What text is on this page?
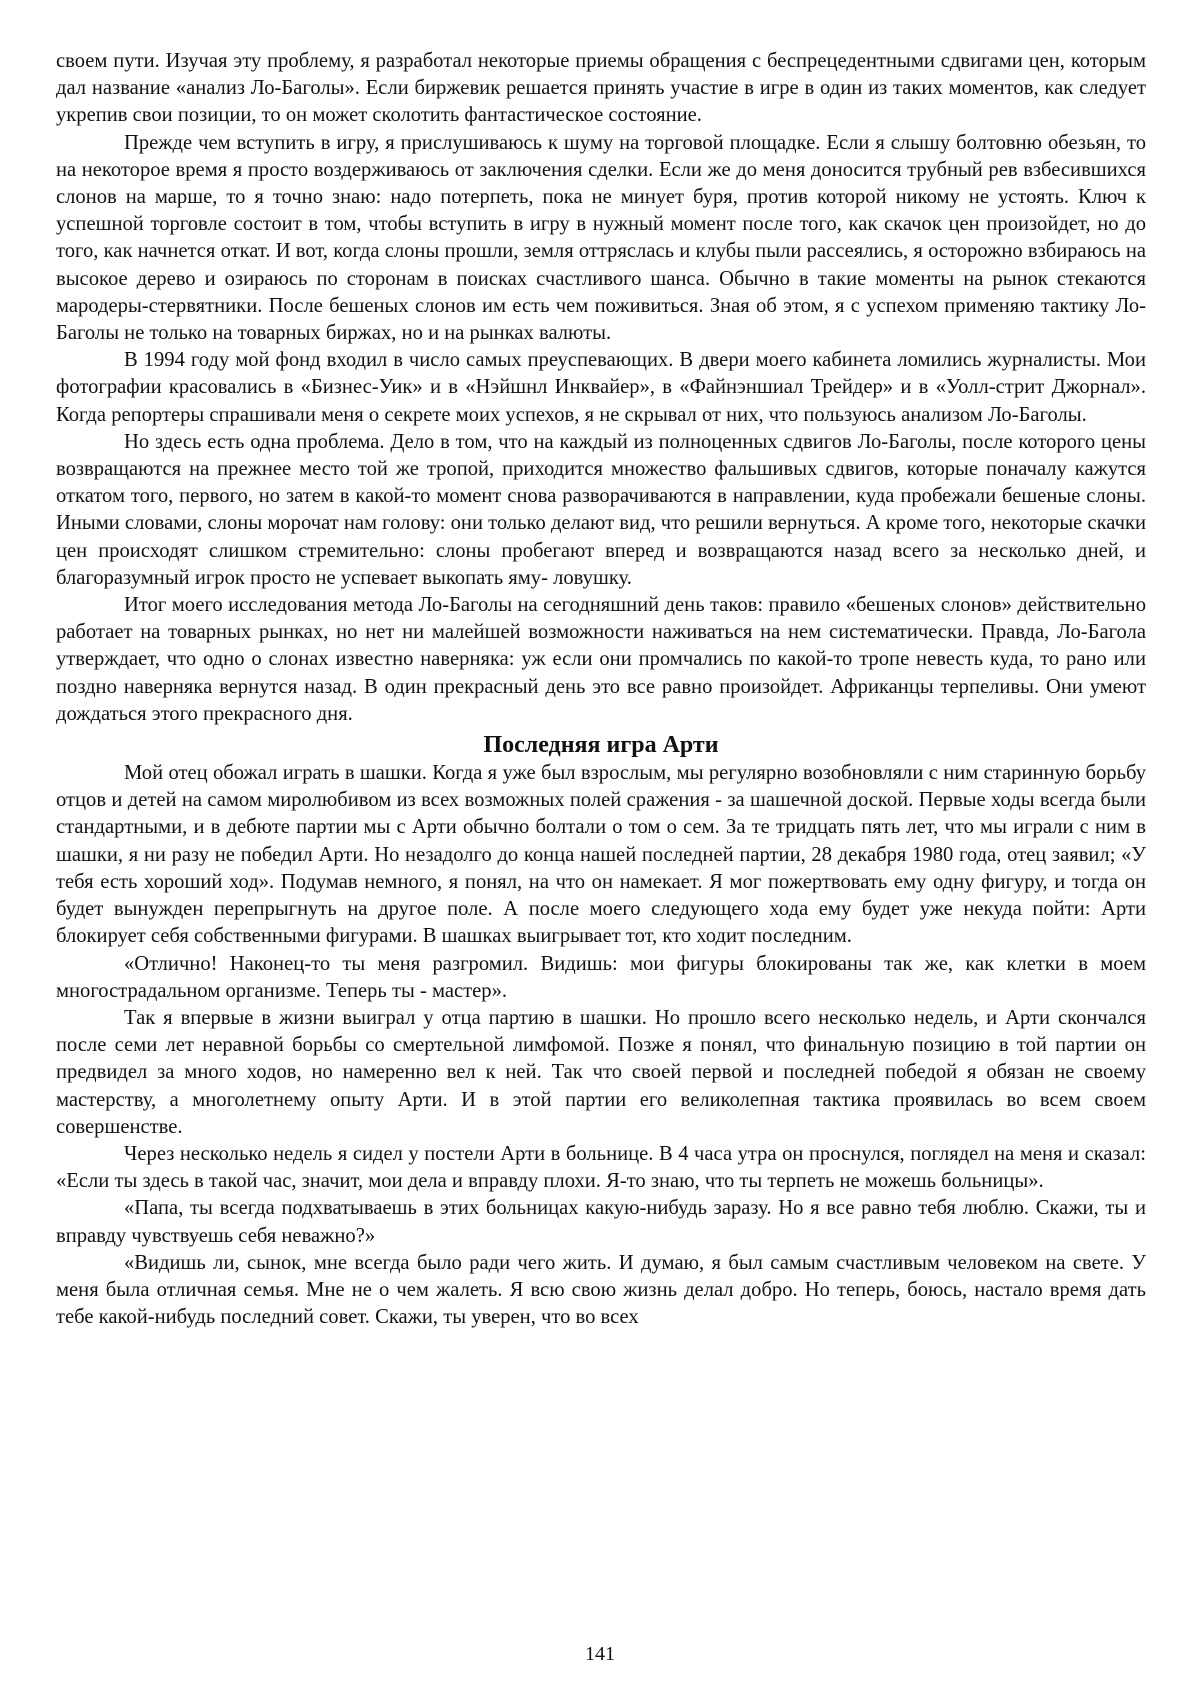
своем пути. Изучая эту проблему, я разработал некоторые приемы обращения с беспрецедентными сдвигами цен, которым дал название «анализ Ло-Баголы». Если биржевик решается принять участие в игре в один из таких моментов, как следует укрепив свои позиции, то он может сколотить фантастическое состояние.

Прежде чем вступить в игру, я прислушиваюсь к шуму на торговой площадке. Если я слышу болтовню обезьян, то на некоторое время я просто воздерживаюсь от заключения сделки. Если же до меня доносится трубный рев взбесившихся слонов на марше, то я точно знаю: надо потерпеть, пока не минует буря, против которой никому не устоять. Ключ к успешной торговле состоит в том, чтобы вступить в игру в нужный момент после того, как скачок цен произойдет, но до того, как начнется откат. И вот, когда слоны прошли, земля оттряслась и клубы пыли рассеялись, я осторожно взбираюсь на высокое дерево и озираюсь по сторонам в поисках счастливого шанса. Обычно в такие моменты на рынок стекаются мародеры-стервятники. После бешеных слонов им есть чем поживиться. Зная об этом, я с успехом применяю тактику Ло-Баголы не только на товарных биржах, но и на рынках валюты.

В 1994 году мой фонд входил в число самых преуспевающих. В двери моего кабинета ломились журналисты. Мои фотографии красовались в «Бизнес-Уик» и в «Нэйшнл Инквайер», в «Файнэншиал Трейдер» и в «Уолл-стрит Джорнал». Когда репортеры спрашивали меня о секрете моих успехов, я не скрывал от них, что пользуюсь анализом Ло-Баголы.

Но здесь есть одна проблема. Дело в том, что на каждый из полноценных сдвигов Ло-Баголы, после которого цены возвращаются на прежнее место той же тропой, приходится множество фальшивых сдвигов, которые поначалу кажутся откатом того, первого, но затем в какой-то момент снова разворачиваются в направлении, куда пробежали бешеные слоны. Иными словами, слоны морочат нам голову: они только делают вид, что решили вернуться. А кроме того, некоторые скачки цен происходят слишком стремительно: слоны пробегают вперед и возвращаются назад всего за несколько дней, и благоразумный игрок просто не успевает выкопать яму- ловушку.

Итог моего исследования метода Ло-Баголы на сегодняшний день таков: правило «бешеных слонов» действительно работает на товарных рынках, но нет ни малейшей возможности наживаться на нем систематически. Правда, Ло-Багола утверждает, что одно о слонах известно наверняка: уж если они промчались по какой-то тропе невесть куда, то рано или поздно наверняка вернутся назад. В один прекрасный день это все равно произойдет. Африканцы терпеливы. Они умеют дождаться этого прекрасного дня.

Последняя игра Арти

Мой отец обожал играть в шашки. Когда я уже был взрослым, мы регулярно возобновляли с ним старинную борьбу отцов и детей на самом миролюбивом из всех возможных полей сражения - за шашечной доской. Первые ходы всегда были стандартными, и в дебюте партии мы с Арти обычно болтали о том о сем. За те тридцать пять лет, что мы играли с ним в шашки, я ни разу не победил Арти. Но незадолго до конца нашей последней партии, 28 декабря 1980 года, отец заявил; «У тебя есть хороший ход». Подумав немного, я понял, на что он намекает. Я мог пожертвовать ему одну фигуру, и тогда он будет вынужден перепрыгнуть на другое поле. А после моего следующего хода ему будет уже некуда пойти: Арти блокирует себя собственными фигурами. В шашках выигрывает тот, кто ходит последним.

«Отлично! Наконец-то ты меня разгромил. Видишь: мои фигуры блокированы так же, как клетки в моем многострадальном организме. Теперь ты - мастер».

Так я впервые в жизни выиграл у отца партию в шашки. Но прошло всего несколько недель, и Арти скончался после семи лет неравной борьбы со смертельной лимфомой. Позже я понял, что финальную позицию в той партии он предвидел за много ходов, но намеренно вел к ней. Так что своей первой и последней победой я обязан не своему мастерству, а многолетнему опыту Арти. И в этой партии его великолепная тактика проявилась во всем своем совершенстве.

Через несколько недель я сидел у постели Арти в больнице. В 4 часа утра он проснулся, поглядел на меня и сказал: «Если ты здесь в такой час, значит, мои дела и вправду плохи. Я-то знаю, что ты терпеть не можешь больницы».

«Папа, ты всегда подхватываешь в этих больницах какую-нибудь заразу. Но я все равно тебя люблю. Скажи, ты и вправду чувствуешь себя неважно?»

«Видишь ли, сынок, мне всегда было ради чего жить. И думаю, я был самым счастливым человеком на свете. У меня была отличная семья. Мне не о чем жалеть. Я всю свою жизнь делал добро. Но теперь, боюсь, настало время дать тебе какой-нибудь последний совет. Скажи, ты уверен, что во всех

141
